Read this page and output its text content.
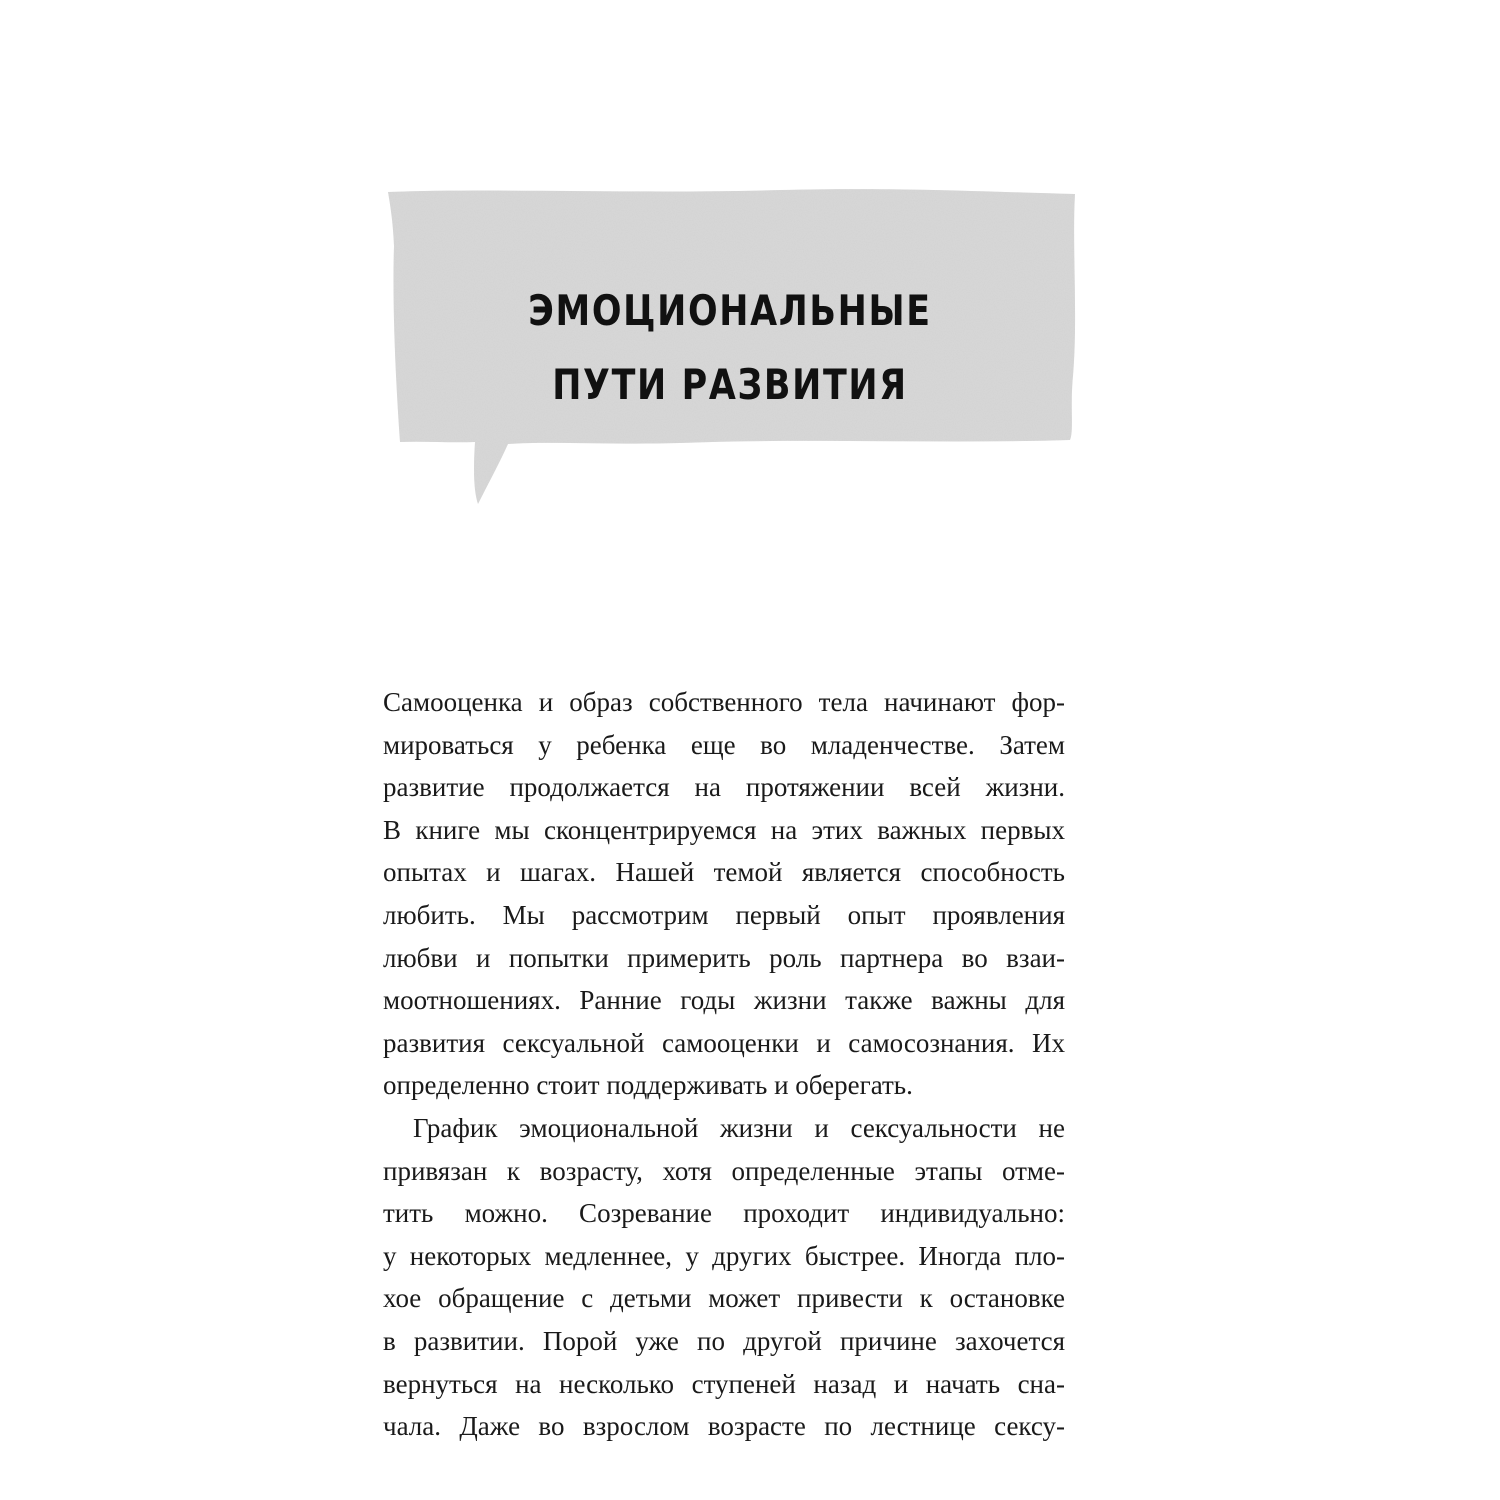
ЭМОЦИОНАЛЬНЫЕ
ПУТИ РАЗВИТИЯ
Самооценка и образ собственного тела начинают фор-
мироваться у ребенка еще во младенчестве. Затем
развитие продолжается на протяжении всей жизни.
В книге мы сконцентрируемся на этих важных первых
опытах и шагах. Нашей темой является способность
любить. Мы рассмотрим первый опыт проявления
любви и попытки примерить роль партнера во взаи-
моотношениях. Ранние годы жизни также важны для
развития сексуальной самооценки и самосознания. Их
определенно стоит поддерживать и оберегать.
График эмоциональной жизни и сексуальности не
привязан к возрасту, хотя определенные этапы отме-
тить можно. Созревание проходит индивидуально:
у некоторых медленнее, у других быстрее. Иногда пло-
хое обращение с детьми может привести к остановке
в развитии. Порой уже по другой причине захочется
вернуться на несколько ступеней назад и начать сна-
чала. Даже во взрослом возрасте по лестнице сексу-
